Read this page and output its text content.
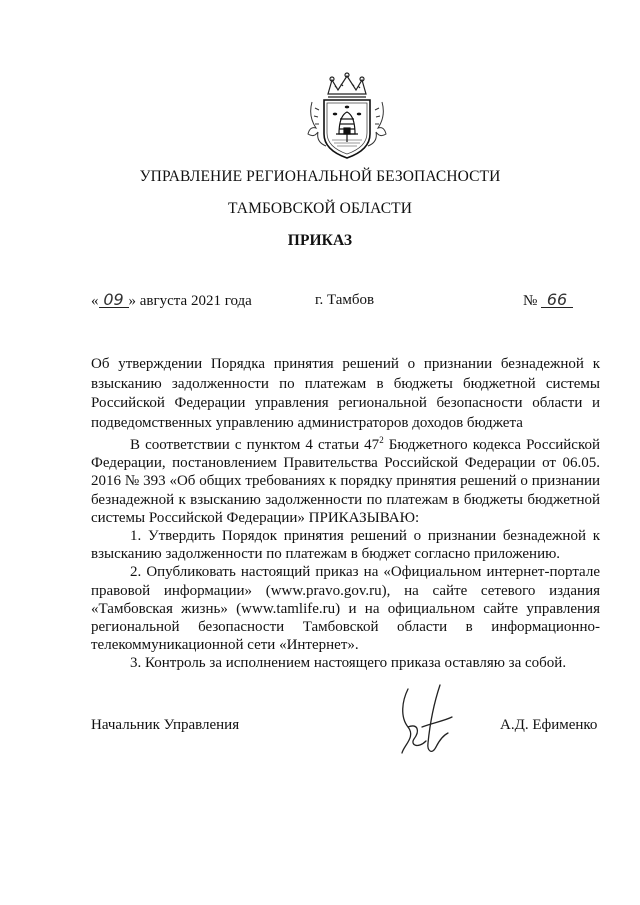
УПРАВЛЕНИЕ РЕГИОНАЛЬНОЙ БЕЗОПАСНОСТИ
ТАМБОВСКОЙ ОБЛАСТИ
ПРИКАЗ
« 09 » августа 2021 года	г. Тамбов	№ 66
Об утверждении Порядка принятия решений о признании безнадежной к взысканию задолженности по платежам в бюджеты бюджетной системы Российской Федерации управления региональной безопасности области и подведомственных управлению администраторов доходов бюджета

В соответствии с пунктом 4 статьи $47^2$ Бюджетного кодекса Российской Федерации, постановлением Правительства Российской Федерации от 06.05. 2016 № 393 «Об общих требованиях к порядку принятия решений о признании безнадежной к взысканию задолженности по платежам в бюджеты бюджетной системы Российской Федерации» ПРИКАЗЫВАЮ:

1. Утвердить Порядок принятия решений о признании безнадежной к взысканию задолженности по платежам в бюджет согласно приложению.

2. Опубликовать настоящий приказ на «Официальном интернет-портале правовой информации» (www.pravo.gov.ru), на сайте сетевого издания «Тамбовская жизнь» (www.tamlife.ru) и на официальном сайте управления региональной безопасности Тамбовской области в информационно-телекоммуникационной сети «Интернет».

3. Контроль за исполнением настоящего приказа оставляю за собой.

Начальник Управления	А.Д. Ефименко
